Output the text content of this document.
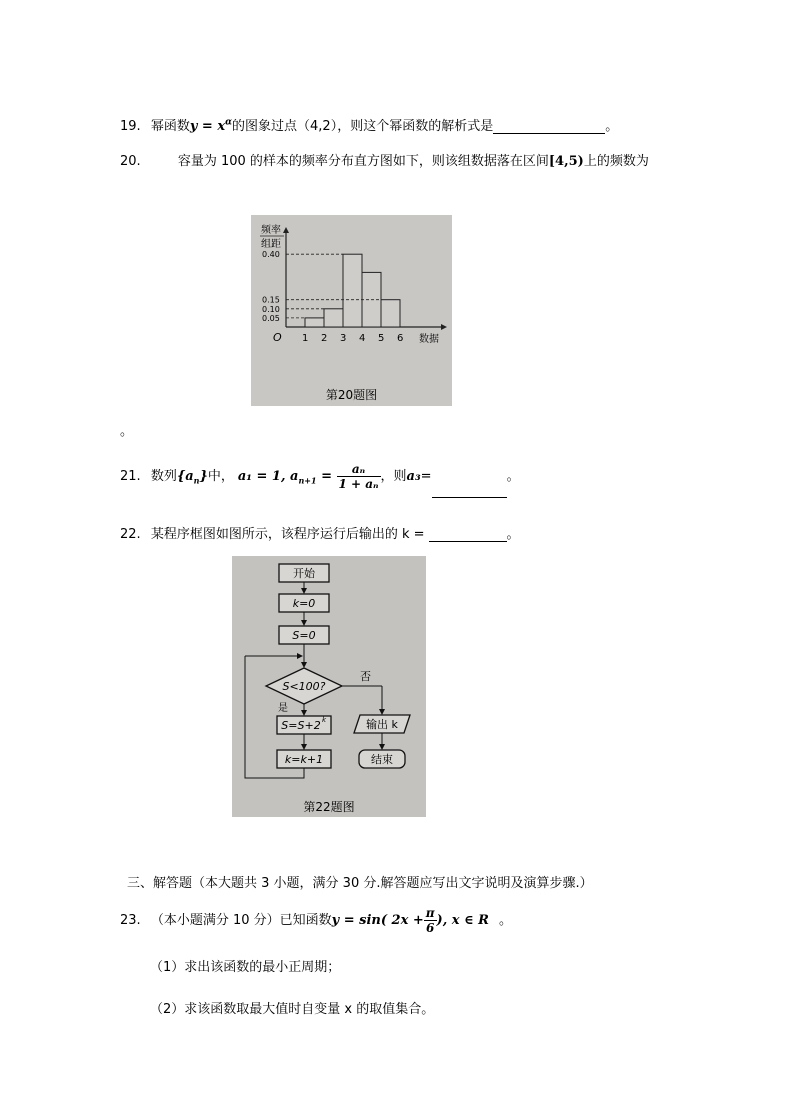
19. 幂函数$y = x^\alpha$的图象过点（4,2），则这个幂函数的解析式是	。
20.	容量为 100 的样本的频率分布直方图如下，则该组数据落在区间[4,5)上的频数为
频率
组距
数据
O
0.05
0.10
0.15
0.40
1 2 3 4 5 6
第20题图
。
21. 数列$\{a_n\}$中， a₁ = 1, $a_{n+1} = \frac{\text{aₙ}}{\text{1 + aₙ}}$ ，则a₃=	。
22. 某程序框图如图所示，该程序运行后输出的 k =	。
开始
k=0
S=0
S<100?
否
是
S=S+2 k
k=k+1
输出 k
结束
第22题图
三、解答题（本大题共 3 小题，满分 30 分.解答题应写出文字说明及演算步骤.）
23. （本小题满分 10 分）已知函数y = sin( $2x + \frac{\pi}{6}$ ), x ∈ R 。
（1）求出该函数的最小正周期；
（2）求该函数取最大值时自变量 x 的取值集合。
